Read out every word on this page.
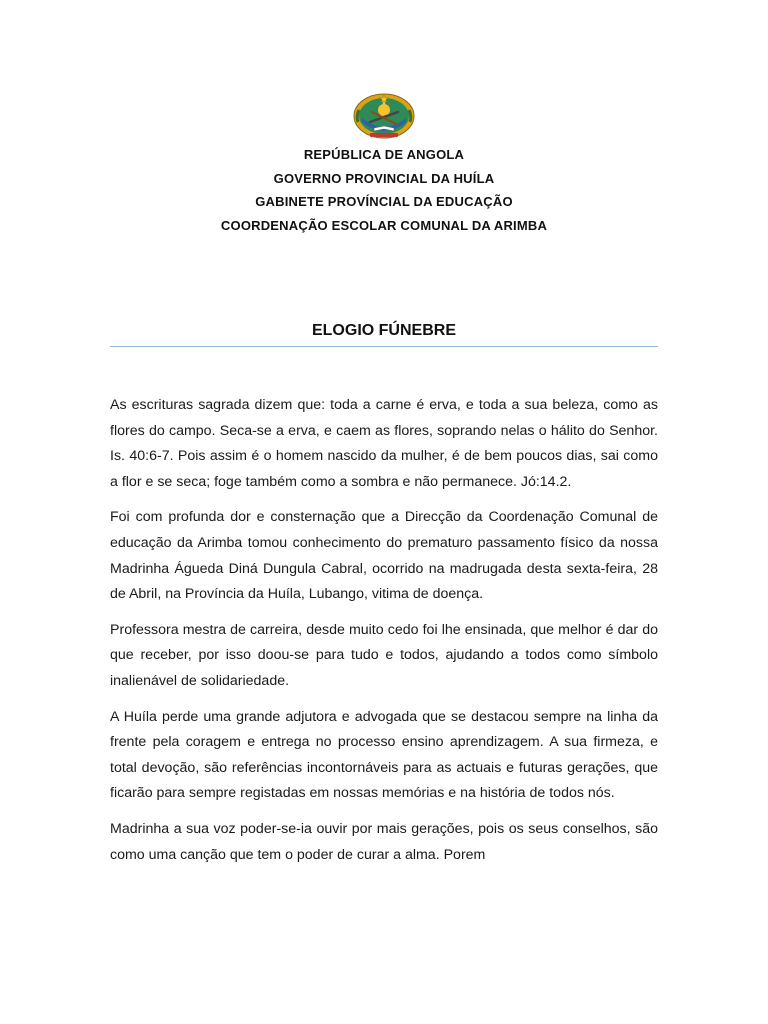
REPÚBLICA DE ANGOLA
GOVERNO PROVINCIAL DA HUÍLA
GABINETE PROVÍNCIAL DA EDUCAÇÃO
COORDENAÇÃO ESCOLAR COMUNAL DA ARIMBA
ELOGIO FÚNEBRE

As escrituras sagrada dizem que: toda a carne é erva, e toda a sua beleza, como as flores do campo. Seca-se a erva, e caem as flores, soprando nelas o hálito do Senhor. Is. 40:6-7. Pois assim é o homem nascido da mulher, é de bem poucos dias, sai como a flor e se seca; foge também como a sombra e não permanece. Jó:14.2.

Foi com profunda dor e consternação que a Direcção da Coordenação Comunal de educação da Arimba tomou conhecimento do prematuro passamento físico da nossa Madrinha Águeda Diná Dungula Cabral, ocorrido na madrugada desta sexta-feira, 28 de Abril, na Província da Huíla, Lubango, vitima de doença.

Professora mestra de carreira, desde muito cedo foi lhe ensinada, que melhor é dar do que receber, por isso doou-se para tudo e todos, ajudando a todos como símbolo inalienável de solidariedade.

A Huíla perde uma grande adjutora e advogada que se destacou sempre na linha da frente pela coragem e entrega no processo ensino aprendizagem. A sua firmeza, e total devoção, são referências incontornáveis para as actuais e futuras gerações, que ficarão para sempre registadas em nossas memórias e na história de todos nós.

Madrinha a sua voz poder-se-ia ouvir por mais gerações, pois os seus conselhos, são como uma canção que tem o poder de curar a alma. Porem
